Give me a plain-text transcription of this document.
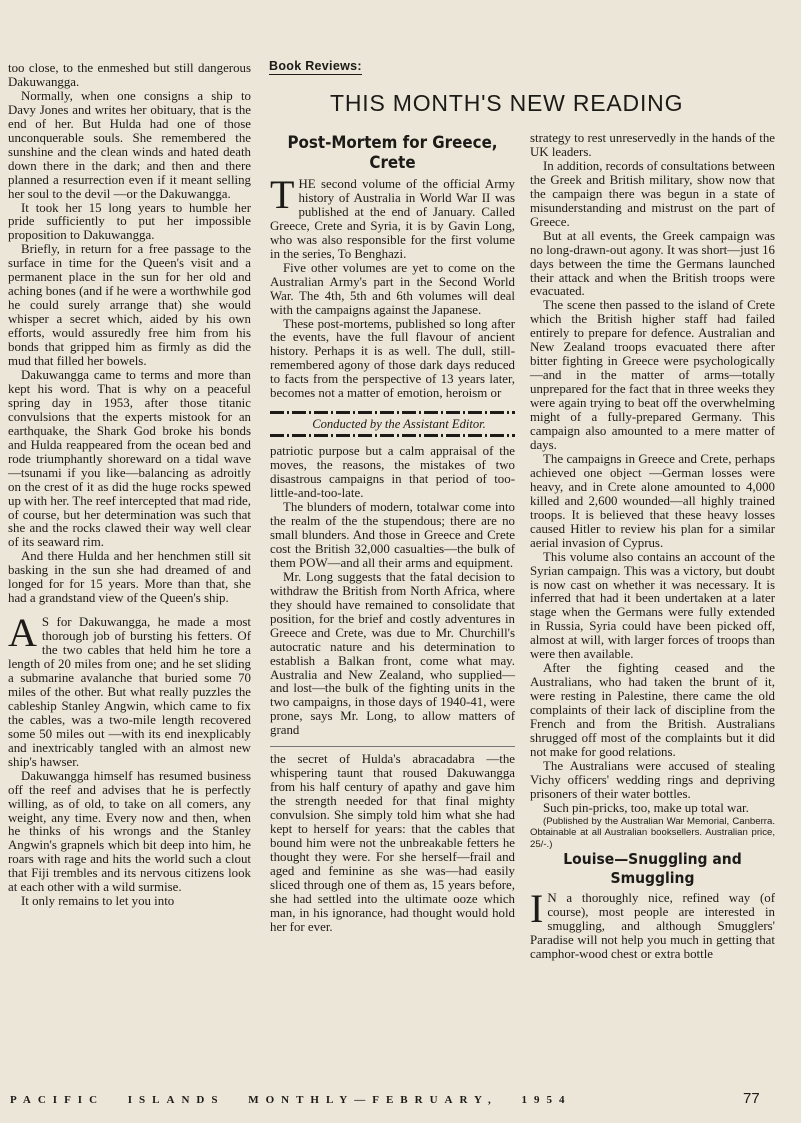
Book Reviews:
THIS MONTH'S NEW READING

too close, to the enmeshed but still dangerous Dakuwangga.

Normally, when one consigns a ship to Davy Jones and writes her obituary, that is the end of her. But Hulda had one of those unconquerable souls. She remembered the sunshine and the clean winds and hated death down there in the dark; and then and there planned a resurrection even if it meant selling her soul to the devil —or the Dakuwangga.

It took her 15 long years to humble her pride sufficiently to put her impossible proposition to Dakuwangga.

Briefly, in return for a free passage to the surface in time for the Queen's visit and a permanent place in the sun for her old and aching bones (and if he were a worthwhile god he could surely arrange that) she would whisper a secret which, aided by his own efforts, would assuredly free him from his bonds that gripped him as firmly as did the mud that filled her bowels.

Dakuwangga came to terms and more than kept his word. That is why on a peaceful spring day in 1953, after those titanic convulsions that the experts mistook for an earthquake, the Shark God broke his bonds and Hulda reappeared from the ocean bed and rode triumphantly shoreward on a tidal wave—tsunami if you like—balancing as adroitly on the crest of it as did the huge rocks spewed up with her. The reef intercepted that mad ride, of course, but her determination was such that she and the rocks clawed their way well clear of its seaward rim.

And there Hulda and her henchmen still sit basking in the sun she had dreamed of and longed for for 15 years. More than that, she had a grandstand view of the Queen's ship.

A S for Dakuwangga, he made a most thorough job of bursting his fetters. Of the two cables that held him he tore a length of 20 miles from one; and he set sliding a submarine avalanche that buried some 70 miles of the other. But what really puzzles the cableship Stanley Angwin, which came to fix the cables, was a two-mile length recovered some 50 miles out —with its end inexplicably and inextricably tangled with an almost new ship's hawser.

Dakuwangga himself has resumed business off the reef and advises that he is perfectly willing, as of old, to take on all comers, any weight, any time. Every now and then, when he thinks of his wrongs and the Stanley Angwin's grapnels which bit deep into him, he roars with rage and hits the world such a clout that Fiji trembles and its nervous citizens look at each other with a wild surmise.

It only remains to let you into

Post-Mortem for Greece, Crete

THE second volume of the official Army history of Australia in World War II was published at the end of January. Called Greece, Crete and Syria, it is by Gavin Long, who was also responsible for the first volume in the series, To Benghazi.

Five other volumes are yet to come on the Australian Army's part in the Second World War. The 4th, 5th and 6th volumes will deal with the campaigns against the Japanese.

These post-mortems, published so long after the events, have the full flavour of ancient history. Perhaps it is as well. The dull, still-remembered agony of those dark days reduced to facts from the perspective of 13 years later, becomes not a matter of emotion, heroism or

Conducted by the Assistant Editor.

patriotic purpose but a calm appraisal of the moves, the reasons, the mistakes of two disastrous campaigns in that period of too-little-and-too-late.

The blunders of modern, totalwar come into the realm of the the stupendous; there are no small blunders. And those in Greece and Crete cost the British 32,000 casualties—the bulk of them POW—and all their arms and equipment.

Mr. Long suggests that the fatal decision to withdraw the British from North Africa, where they should have remained to consolidate that position, for the brief and costly adventures in Greece and Crete, was due to Mr. Churchill's autocratic nature and his determination to establish a Balkan front, come what may. Australia and New Zealand, who supplied—and lost—the bulk of the fighting units in the two campaigns, in those days of 1940-41, were prone, says Mr. Long, to allow matters of grand

the secret of Hulda's abracadabra —the whispering taunt that roused Dakuwangga from his half century of apathy and gave him the strength needed for that final mighty convulsion. She simply told him what she had kept to herself for years: that the cables that bound him were not the unbreakable fetters he thought they were. For she herself—frail and aged and feminine as she was—had easily sliced through one of them as, 15 years before, she had settled into the ultimate ooze which man, in his ignorance, had thought would hold her for ever.

strategy to rest unreservedly in the hands of the UK leaders.

In addition, records of consultations between the Greek and British military, show now that the campaign there was begun in a state of misunderstanding and mistrust on the part of Greece.

But at all events, the Greek campaign was no long-drawn-out agony. It was short—just 16 days between the time the Germans launched their attack and when the British troops were evacuated.

The scene then passed to the island of Crete which the British higher staff had failed entirely to prepare for defence. Australian and New Zealand troops evacuated there after bitter fighting in Greece were psychologically—and in the matter of arms—totally unprepared for the fact that in three weeks they were again trying to beat off the overwhelming might of a fully-prepared Germany. This campaign also amounted to a mere matter of days.

The campaigns in Greece and Crete, perhaps achieved one object —German losses were heavy, and in Crete alone amounted to 4,000 killed and 2,600 wounded—all highly trained troops. It is believed that these heavy losses caused Hitler to review his plan for a similar aerial invasion of Cyprus.

This volume also contains an account of the Syrian campaign. This was a victory, but doubt is now cast on whether it was necessary. It is inferred that had it been undertaken at a later stage when the Germans were fully extended in Russia, Syria could have been picked off, almost at will, with larger forces of troops than were then available.

After the fighting ceased and the Australians, who had taken the brunt of it, were resting in Palestine, there came the old complaints of their lack of discipline from the French and from the British. Australians shrugged off most of the complaints but it did not make for good relations.

The Australians were accused of stealing Vichy officers' wedding rings and depriving prisoners of their water bottles.

Such pin-pricks, too, make up total war.

(Published by the Australian War Memorial, Canberra. Obtainable at all Australian booksellers. Australian price, 25/-.)

Louise—Snuggling and Smuggling

I N a thoroughly nice, refined way (of course), most people are interested in smuggling, and although Smugglers' Paradise will not help you much in getting that camphor-wood chest or extra bottle

PACIFIC ISLANDS MONTHLY—FEBRUARY, 1954	77
